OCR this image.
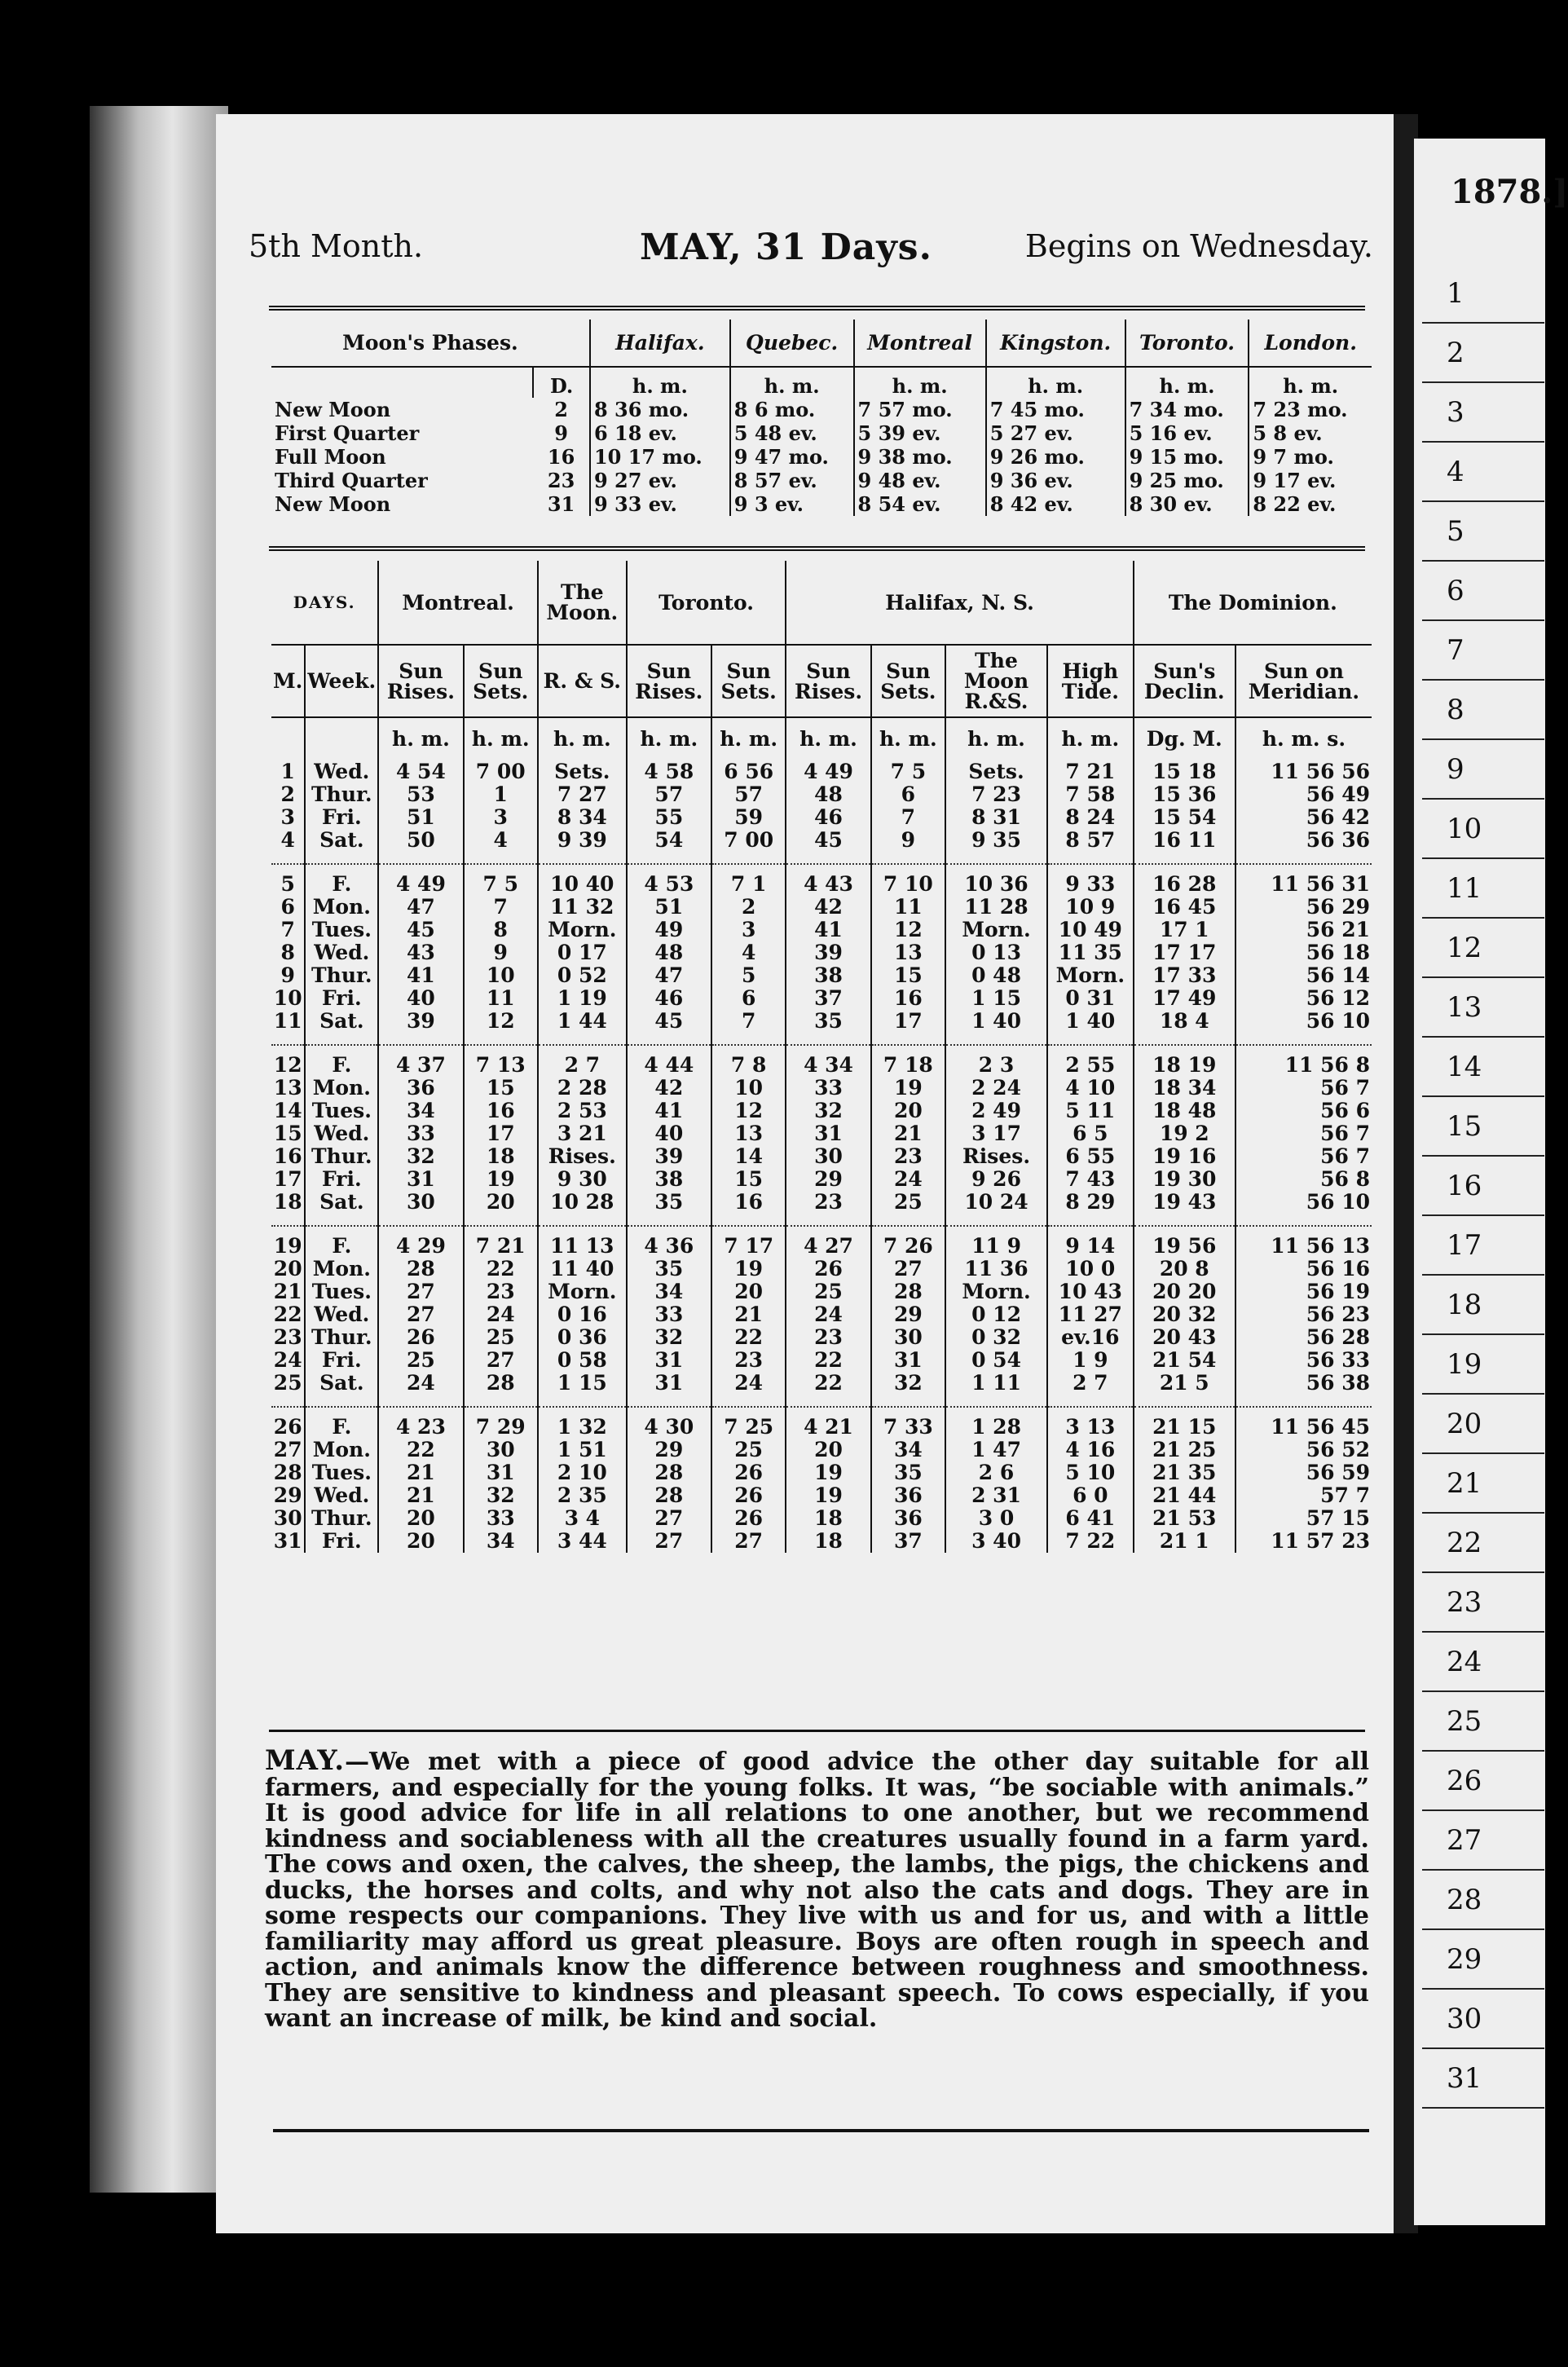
5th Month.	MAY, 31 Days.	Begins on Wednesday.
Moon's Phases.		Halifax.	Quebec.	Montreal	Kingston.	Toronto.	London.
	D.	h. m.	h. m.	h. m.	h. m.	h. m.	h. m.
New Moon	2	8 36 mo.	8 6 mo.	7 57 mo.	7 45 mo.	7 34 mo.	7 23 mo.
First Quarter	9	6 18 ev.	5 48 ev.	5 39 ev.	5 27 ev.	5 16 ev.	5 8 ev.
Full Moon	16	10 17 mo.	9 47 mo.	9 38 mo.	9 26 mo.	9 15 mo.	9 7 mo.
Third Quarter	23	9 27 ev.	8 57 ev.	9 48 ev.	9 36 ev.	9 25 mo.	9 17 ev.
New Moon	31	9 33 ev.	9 3 ev.	8 54 ev.	8 42 ev.	8 30 ev.	8 22 ev.
DAYS.		Montreal.		The Moon.	Toronto.		Halifax, N. S.				The Dominion.	
M.	Week.	Sun Rises.	Sun Sets.	R. & S.	Sun Rises.	Sun Sets.	Sun Rises.	Sun Sets.	The Moon R.&S.	High Tide.	Sun's Declin.	Sun on Meridian.
		h. m.	h. m.	h. m.	h. m.	h. m.	h. m.	h. m.	h. m.	h. m.	Dg. M.	h. m. s.
1	Wed.	4 54	7 00	Sets.	4 58	6 56	4 49	7 5	Sets.	7 21	15 18	11 56 56
2	Thur.	53	1	7 27	57	57	48	6	7 23	7 58	15 36	56 49
3	Fri.	51	3	8 34	55	59	46	7	8 31	8 24	15 54	56 42
4	Sat.	50	4	9 39	54	7 00	45	9	9 35	8 57	16 11	56 36

5	F.	4 49	7 5	10 40	4 53	7 1	4 43	7 10	10 36	9 33	16 28	11 56 31
6	Mon.	47	7	11 32	51	2	42	11	11 28	10 9	16 45	56 29
7	Tues.	45	8	Morn.	49	3	41	12	Morn.	10 49	17 1	56 21
8	Wed.	43	9	0 17	48	4	39	13	0 13	11 35	17 17	56 18
9	Thur.	41	10	0 52	47	5	38	15	0 48	Morn.	17 33	56 14
10	Fri.	40	11	1 19	46	6	37	16	1 15	0 31	17 49	56 12
11	Sat.	39	12	1 44	45	7	35	17	1 40	1 40	18 4	56 10

12	F.	4 37	7 13	2 7	4 44	7 8	4 34	7 18	2 3	2 55	18 19	11 56 8
13	Mon.	36	15	2 28	42	10	33	19	2 24	4 10	18 34	56 7
14	Tues.	34	16	2 53	41	12	32	20	2 49	5 11	18 48	56 6
15	Wed.	33	17	3 21	40	13	31	21	3 17	6 5	19 2	56 7
16	Thur.	32	18	Rises.	39	14	30	23	Rises.	6 55	19 16	56 7
17	Fri.	31	19	9 30	38	15	29	24	9 26	7 43	19 30	56 8
18	Sat.	30	20	10 28	35	16	23	25	10 24	8 29	19 43	56 10

19	F.	4 29	7 21	11 13	4 36	7 17	4 27	7 26	11 9	9 14	19 56	11 56 13
20	Mon.	28	22	11 40	35	19	26	27	11 36	10 0	20 8	56 16
21	Tues.	27	23	Morn.	34	20	25	28	Morn.	10 43	20 20	56 19
22	Wed.	27	24	0 16	33	21	24	29	0 12	11 27	20 32	56 23
23	Thur.	26	25	0 36	32	22	23	30	0 32	ev.16	20 43	56 28
24	Fri.	25	27	0 58	31	23	22	31	0 54	1 9	21 54	56 33
25	Sat.	24	28	1 15	31	24	22	32	1 11	2 7	21 5	56 38

26	F.	4 23	7 29	1 32	4 30	7 25	4 21	7 33	1 28	3 13	21 15	11 56 45
27	Mon.	22	30	1 51	29	25	20	34	1 47	4 16	21 25	56 52
28	Tues.	21	31	2 10	28	26	19	35	2 6	5 10	21 35	56 59
29	Wed.	21	32	2 35	28	26	19	36	2 31	6 0	21 44	57 7
30	Thur.	20	33	3 4	27	26	18	36	3 0	6 41	21 53	57 15
31	Fri.	20	34	3 44	27	27	18	37	3 40	7 22	21 1	11 57 23
MAY.—We met with a piece of good advice the other day suitable for all farmers, and especially for the young folks. It was, “be sociable with animals.” It is good advice for life in all relations to one another, but we recommend kindness and sociableness with all the creatures usually found in a farm yard. The cows and oxen, the calves, the sheep, the lambs, the pigs, the chickens and ducks, the horses and colts, and why not also the cats and dogs. They are in some respects our companions. They live with us and for us, and with a little familiarity may afford us great pleasure. Boys are often rough in speech and action, and animals know the difference between roughness and smoothness. They are sensitive to kindness and pleasant speech. To cows especially, if you want an increase of milk, be kind and social.
1878.]
1
2
3
4
5
6
7
8
9
10
11
12
13
14
15
16
17
18
19
20
21
22
23
24
25
26
27
28
29
30
31
